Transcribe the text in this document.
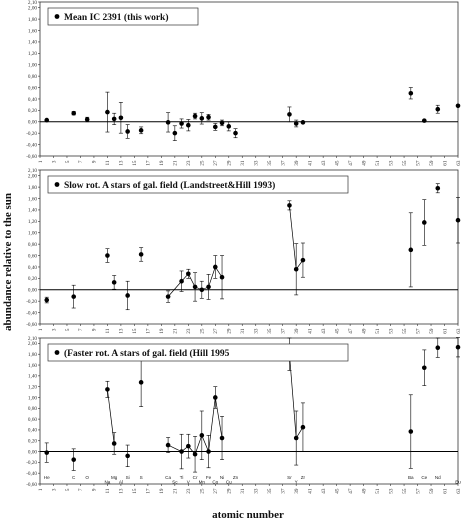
-0,60
-0,40
-0,20
0,00
0,20
0,40
0,60
0,80
1,00
1,20
1,40
1,60
1,80
2,00
2,10
1 3 5 7 9 11 13 15 17 19 21 23 25 27 29 31 33 35 37 39 41 43 45 47 49 51 53 55 57 59 61 63
Mean IC 2391 (this work)
-0,60
-0,40
-0,20
0,00
0,20
0,40
0,60
0,80
1,00
1,20
1,40
1,60
1,80
2,00
2,10
1 3 5 7 9 11 13 15 17 19 21 23 25 27 29 31 33 35 37 39 41 43 45 47 49 51 53 55 57 59 61 63
Slow rot. A stars of gal. field (Landstreet&Hill 1993)
-0,60
-0,40
-0,20
0,00
0,20
0,40
0,60
0,80
1,00
1,20
1,40
1,60
1,80
2,00
2,10
1 3 5 7 9 11 13 15 17 19 21 23 25 27 29 31 33 35 37 39 41 43 45 47 49 51 53 55 57 59 61 63
(Faster rot. A stars of gal. field (Hill 1995
He	C O
Na
Mg
Al
Si S	Ca
Sc
Ti
V
Cr
Mn
Fe
Co
Ni
Cu
Zn	Sr
Y
Zr	Ba Ce Nd
Eu
abundance relative to the sun
atomic number
